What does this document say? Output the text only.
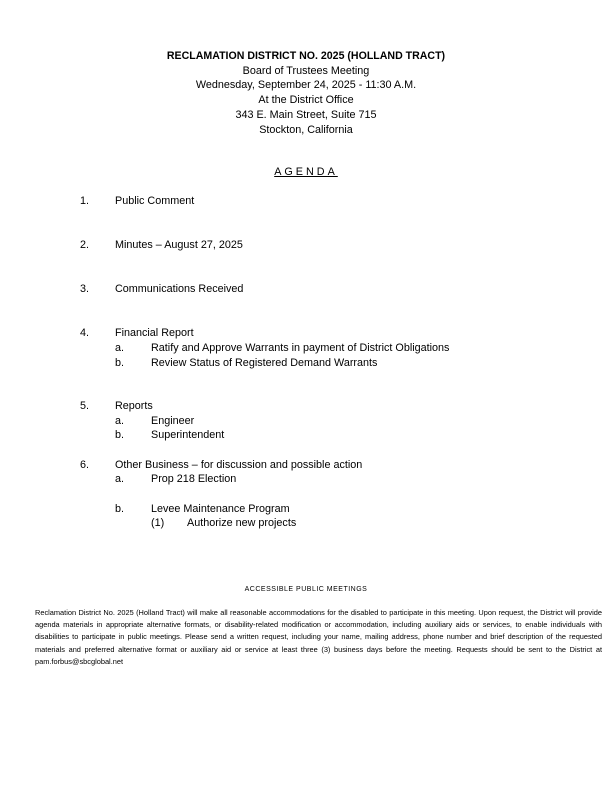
RECLAMATION DISTRICT NO. 2025 (HOLLAND TRACT)
Board of Trustees Meeting
Wednesday, September 24, 2025 - 11:30 A.M.
At the District Office
343 E. Main Street, Suite 715
Stockton, California
AGENDA
1. Public Comment
2. Minutes – August 27, 2025
3. Communications Received
4. Financial Report
a. Ratify and Approve Warrants in payment of District Obligations
b. Review Status of Registered Demand Warrants
5. Reports
a. Engineer
b. Superintendent
6. Other Business – for discussion and possible action
a. Prop 218 Election
b. Levee Maintenance Program
(1) Authorize new projects
ACCESSIBLE PUBLIC MEETINGS
Reclamation District No. 2025 (Holland Tract) will make all reasonable accommodations for the disabled to participate in this meeting. Upon request, the District will provide agenda materials in appropriate alternative formats, or disability-related modification or accommodation, including auxiliary aids or services, to enable individuals with disabilities to participate in public meetings. Please send a written request, including your name, mailing address, phone number and brief description of the requested materials and preferred alternative format or auxiliary aid or service at least three (3) business days before the meeting. Requests should be sent to the District at pam.forbus@sbcglobal.net
